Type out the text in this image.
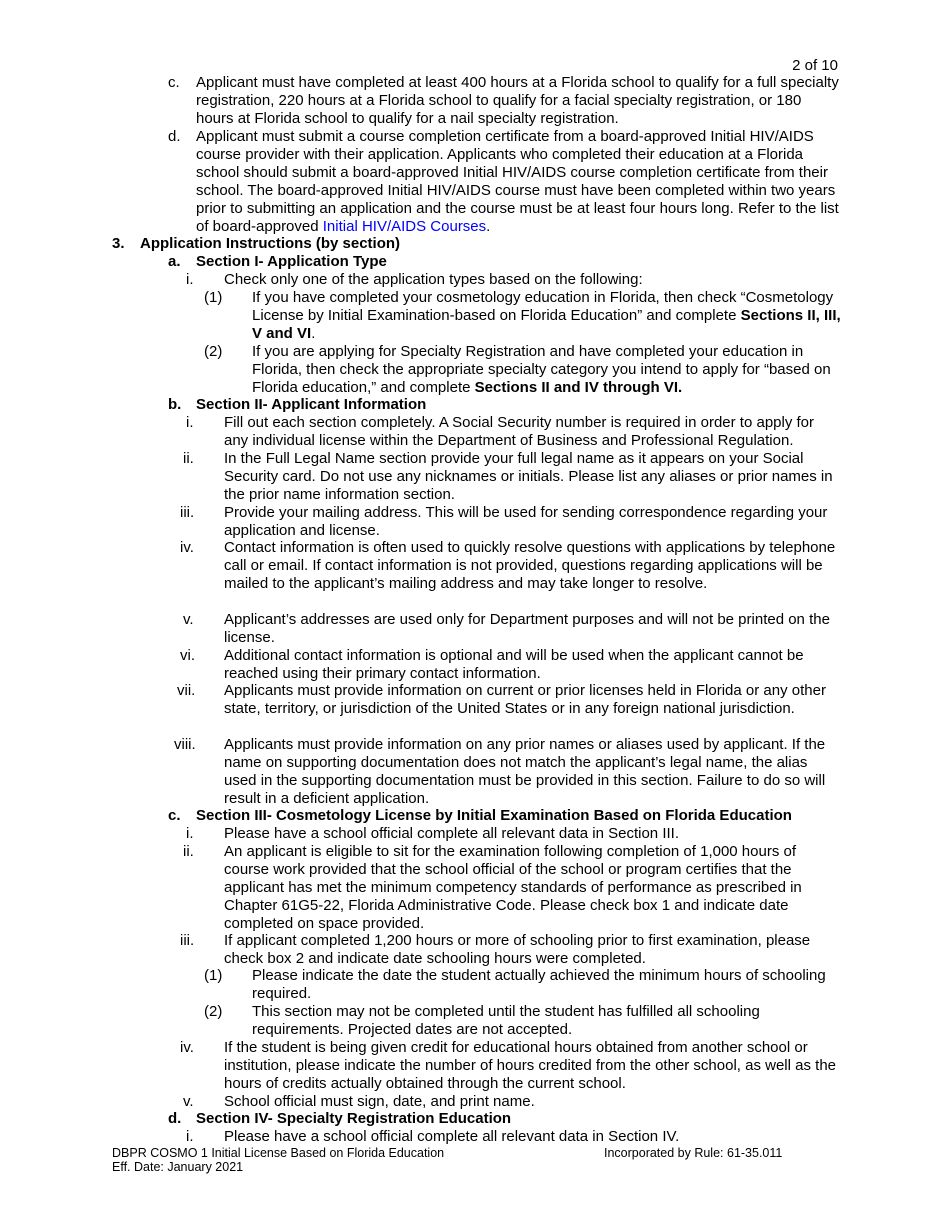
2 of 10
c. Applicant must have completed at least 400 hours at a Florida school to qualify for a full specialty registration, 220 hours at a Florida school to qualify for a facial specialty registration, or 180 hours at Florida school to qualify for a nail specialty registration.
d. Applicant must submit a course completion certificate from a board-approved Initial HIV/AIDS course provider with their application. Applicants who completed their education at a Florida school should submit a board-approved Initial HIV/AIDS course completion certificate from their school. The board-approved Initial HIV/AIDS course must have been completed within two years prior to submitting an application and the course must be at least four hours long. Refer to the list of board-approved Initial HIV/AIDS Courses.
3. Application Instructions (by section)
a. Section I- Application Type
i. Check only one of the application types based on the following:
(1) If you have completed your cosmetology education in Florida, then check “Cosmetology License by Initial Examination-based on Florida Education” and complete Sections II, III, V and VI.
(2) If you are applying for Specialty Registration and have completed your education in Florida, then check the appropriate specialty category you intend to apply for “based on Florida education,” and complete Sections II and IV through VI.
b. Section II- Applicant Information
i. Fill out each section completely. A Social Security number is required in order to apply for any individual license within the Department of Business and Professional Regulation.
ii. In the Full Legal Name section provide your full legal name as it appears on your Social Security card. Do not use any nicknames or initials. Please list any aliases or prior names in the prior name information section.
iii. Provide your mailing address. This will be used for sending correspondence regarding your application and license.
iv. Contact information is often used to quickly resolve questions with applications by telephone call or email. If contact information is not provided, questions regarding applications will be mailed to the applicant’s mailing address and may take longer to resolve.
v. Applicant’s addresses are used only for Department purposes and will not be printed on the license.
vi. Additional contact information is optional and will be used when the applicant cannot be reached using their primary contact information.
vii. Applicants must provide information on current or prior licenses held in Florida or any other state, territory, or jurisdiction of the United States or in any foreign national jurisdiction.
viii. Applicants must provide information on any prior names or aliases used by applicant. If the name on supporting documentation does not match the applicant’s legal name, the alias used in the supporting documentation must be provided in this section. Failure to do so will result in a deficient application.
c. Section III- Cosmetology License by Initial Examination Based on Florida Education
i. Please have a school official complete all relevant data in Section III.
ii. An applicant is eligible to sit for the examination following completion of 1,000 hours of course work provided that the school official of the school or program certifies that the applicant has met the minimum competency standards of performance as prescribed in Chapter 61G5-22, Florida Administrative Code. Please check box 1 and indicate date completed on space provided.
iii. If applicant completed 1,200 hours or more of schooling prior to first examination, please check box 2 and indicate date schooling hours were completed.
(1) Please indicate the date the student actually achieved the minimum hours of schooling required.
(2) This section may not be completed until the student has fulfilled all schooling requirements. Projected dates are not accepted.
iv. If the student is being given credit for educational hours obtained from another school or institution, please indicate the number of hours credited from the other school, as well as the hours of credits actually obtained through the current school.
v. School official must sign, date, and print name.
d. Section IV- Specialty Registration Education
i. Please have a school official complete all relevant data in Section IV.
DBPR COSMO 1 Initial License Based on Florida Education
Eff. Date: January 2021
Incorporated by Rule: 61-35.011
